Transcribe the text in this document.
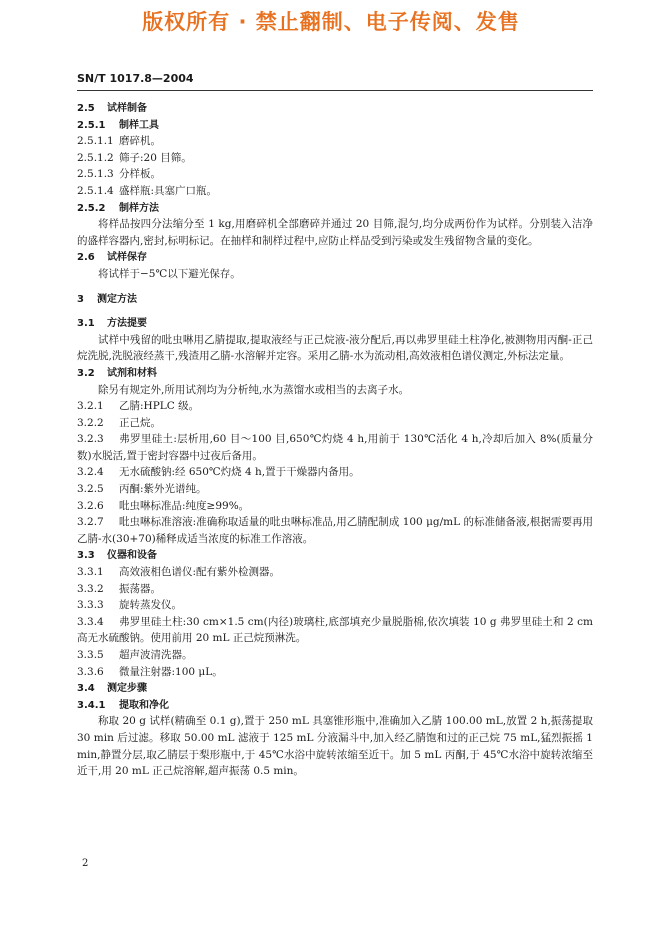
版权所有 · 禁止翻制、电子传阅、发售
SN/T 1017.8—2004
2.5 试样制备
2.5.1 制样工具
2.5.1.1 磨碎机。
2.5.1.2 筛子:20 目筛。
2.5.1.3 分样板。
2.5.1.4 盛样瓶:具塞广口瓶。
2.5.2 制样方法
将样品按四分法缩分至 1 kg,用磨碎机全部磨碎并通过 20 目筛,混匀,均分成两份作为试样。分别装入洁净的盛样容器内,密封,标明标记。在抽样和制样过程中,应防止样品受到污染或发生残留物含量的变化。
2.6 试样保存
将试样于−5℃以下避光保存。
3 测定方法
3.1 方法提要
试样中残留的吡虫啉用乙腈提取,提取液经与正己烷液-液分配后,再以弗罗里硅土柱净化,被测物用丙酮-正己烷洗脱,洗脱液经蒸干,残渣用乙腈-水溶解并定容。采用乙腈-水为流动相,高效液相色谱仪测定,外标法定量。
3.2 试剂和材料
除另有规定外,所用试剂均为分析纯,水为蒸馏水或相当的去离子水。
3.2.1 乙腈:HPLC 级。
3.2.2 正己烷。
3.2.3 弗罗里硅土:层析用,60 目～100 目,650℃灼烧 4 h,用前于 130℃活化 4 h,冷却后加入 8%(质量分数)水脱活,置于密封容器中过夜后备用。
3.2.4 无水硫酸钠:经 650℃灼烧 4 h,置于干燥器内备用。
3.2.5 丙酮:紫外光谱纯。
3.2.6 吡虫啉标准品:纯度≥99%。
3.2.7 吡虫啉标准溶液:准确称取适量的吡虫啉标准品,用乙腈配制成 100 μg/mL 的标准储备液,根据需要再用乙腈-水(30+70)稀释成适当浓度的标准工作溶液。
3.3 仪器和设备
3.3.1 高效液相色谱仪:配有紫外检测器。
3.3.2 振荡器。
3.3.3 旋转蒸发仪。
3.3.4 弗罗里硅土柱:30 cm×1.5 cm(内径)玻璃柱,底部填充少量脱脂棉,依次填装 10 g 弗罗里硅土和 2 cm 高无水硫酸钠。使用前用 20 mL 正己烷预淋洗。
3.3.5 超声波清洗器。
3.3.6 微量注射器:100 μL。
3.4 测定步骤
3.4.1 提取和净化
称取 20 g 试样(精确至 0.1 g),置于 250 mL 具塞锥形瓶中,准确加入乙腈 100.00 mL,放置 2 h,振荡提取 30 min 后过滤。移取 50.00 mL 滤液于 125 mL 分液漏斗中,加入经乙腈饱和过的正己烷 75 mL,猛烈振摇 1 min,静置分层,取乙腈层于梨形瓶中,于 45℃水浴中旋转浓缩至近干。加 5 mL 丙酮,于 45℃水浴中旋转浓缩至近干,用 20 mL 正己烷溶解,超声振荡 0.5 min。
2
